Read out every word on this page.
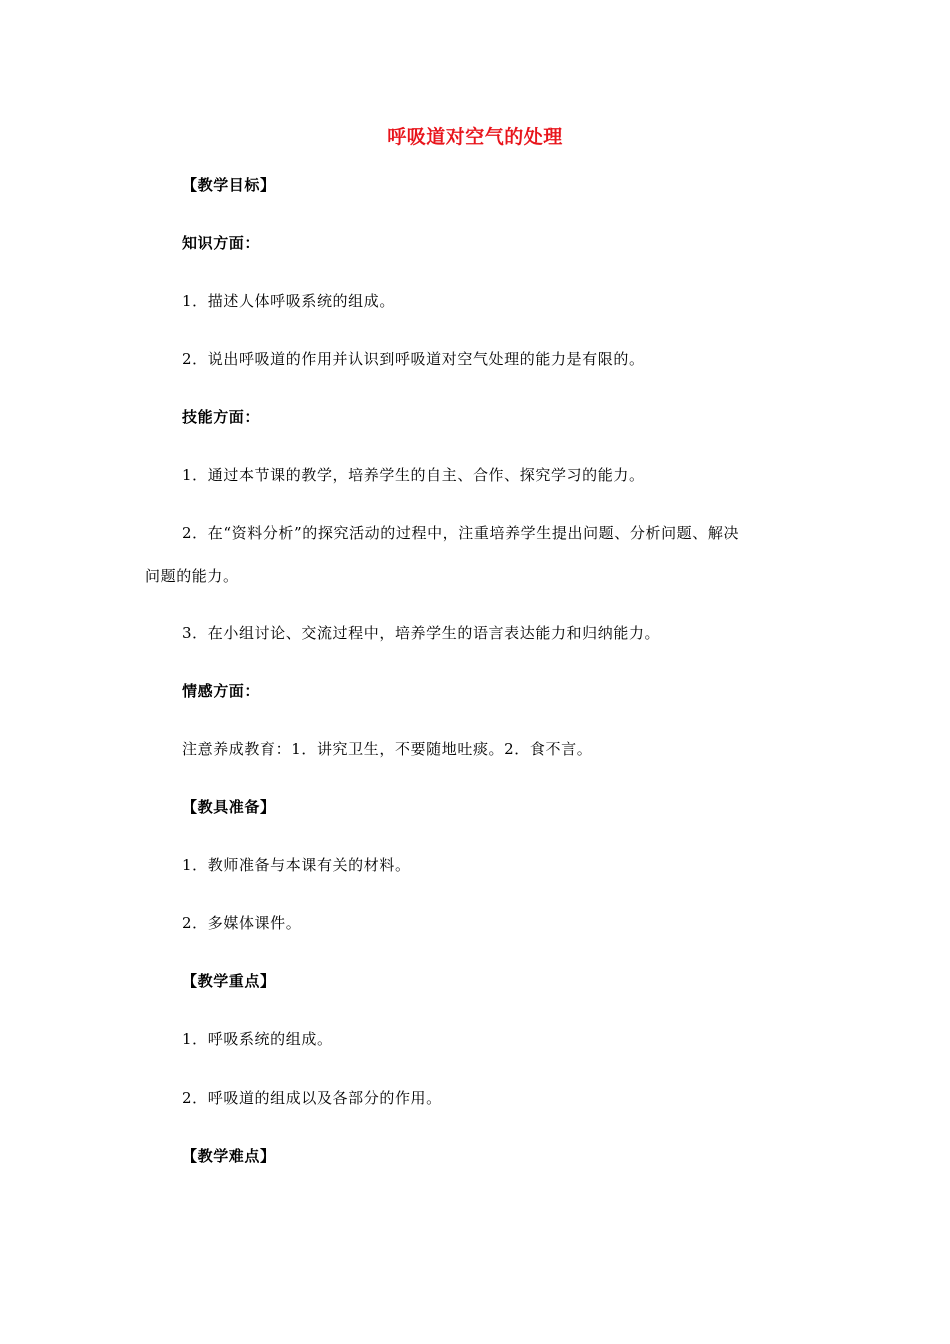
呼吸道对空气的处理
【教学目标】
知识方面：
1．描述人体呼吸系统的组成。
2．说出呼吸道的作用并认识到呼吸道对空气处理的能力是有限的。
技能方面：
1．通过本节课的教学，培养学生的自主、合作、探究学习的能力。
2．在“资料分析”的探究活动的过程中，注重培养学生提出问题、分析问题、解决
问题的能力。
3．在小组讨论、交流过程中，培养学生的语言表达能力和归纳能力。
情感方面：
注意养成教育：1．讲究卫生，不要随地吐痰。2．食不言。
【教具准备】
1．教师准备与本课有关的材料。
2．多媒体课件。
【教学重点】
1．呼吸系统的组成。
2．呼吸道的组成以及各部分的作用。
【教学难点】
